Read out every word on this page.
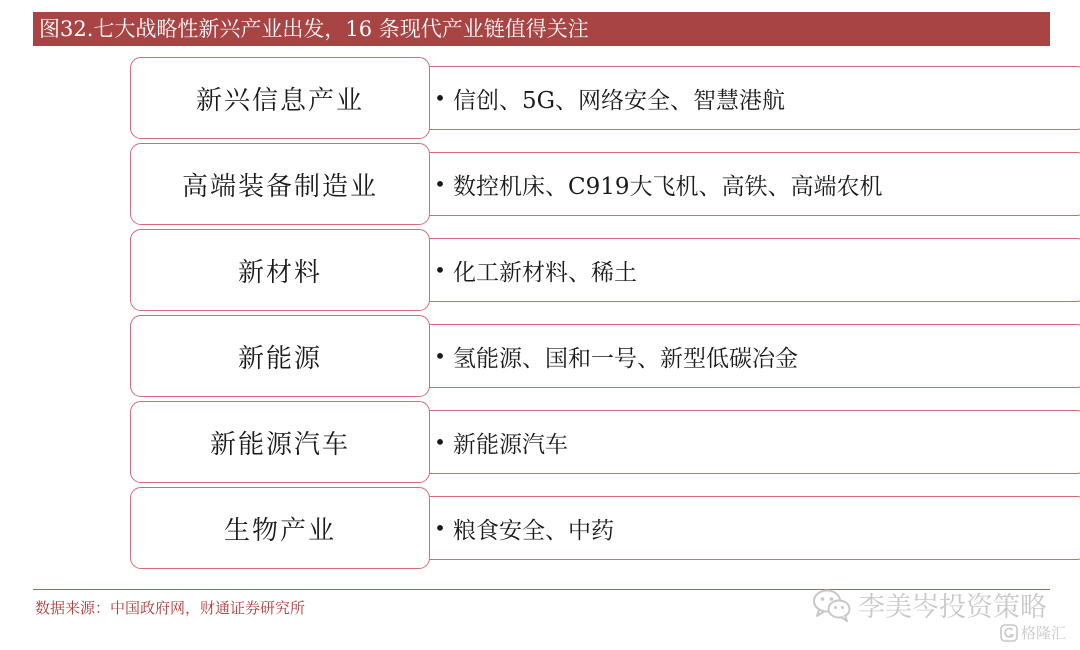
图32.七大战略性新兴产业出发，16 条现代产业链值得关注
• 信创、5G、网络安全、智慧港航
新兴信息产业
• 数控机床、C919大飞机、高铁、高端农机
高端装备制造业
• 化工新材料、稀土
新材料
• 氢能源、国和一号、新型低碳冶金
新能源
• 新能源汽车
新能源汽车
• 粮食安全、中药
生物产业
数据来源：中国政府网，财通证券研究所	李美岑投资策略
格隆汇
